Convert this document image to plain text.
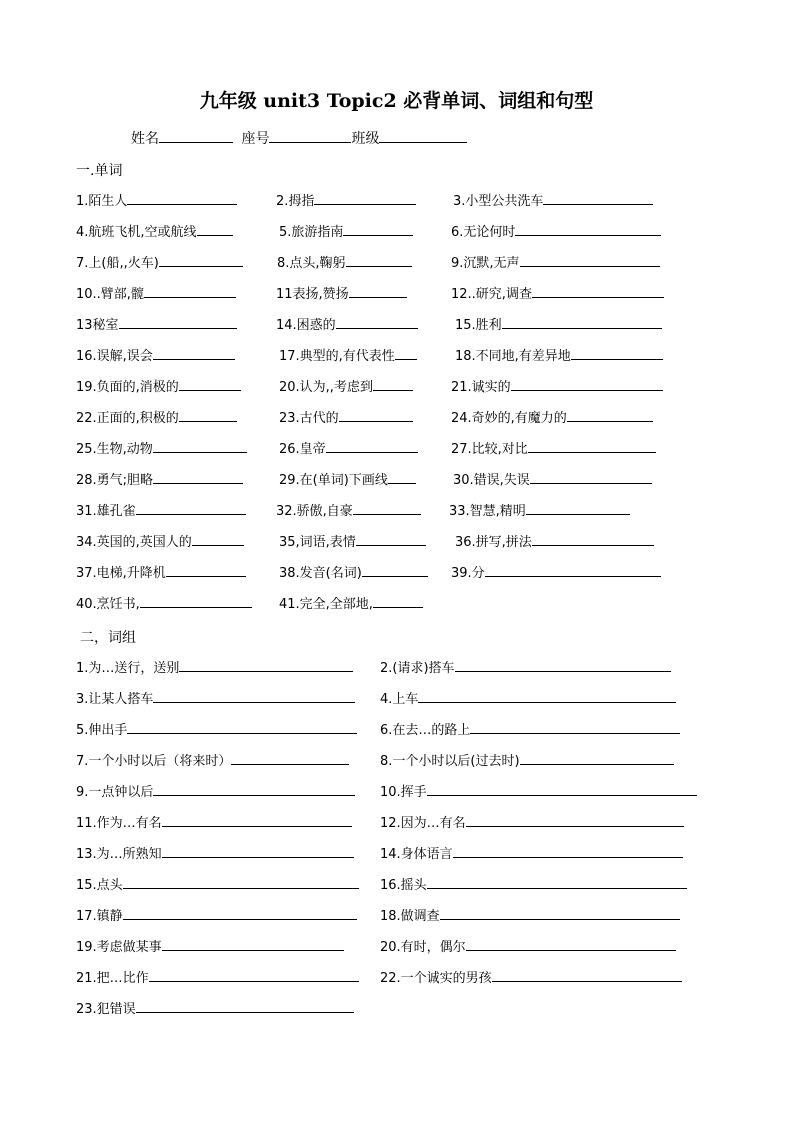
九年级 unit3 Topic2 必背单词、词组和句型
姓名	座号	班级
一.单词
1.陌生人	2.拇指	3.小型公共洗车
4.航班飞机,空或航线	5.旅游指南	6.无论何时
7.上(船,,火车)	8.点头,鞠躬	9.沉默,无声
10..臂部,髋	11表扬,赞扬	12..研究,调查
13秘室	14.困惑的	15.胜利
16.误解,误会	17.典型的,有代表性	18.不同地,有差异地
19.负面的,消极的	20.认为,,考虑到	21.诚实的
22.正面的,积极的	23.古代的	24.奇妙的,有魔力的
25.生物,动物	26.皇帝	27.比较,对比
28.勇气;胆略	29.在(单词)下画线	30.错误,失误
31.雄孔雀	32.骄傲,自豪	33.智慧,精明
34.英国的,英国人的	35,词语,表情	36.拼写,拼法
37.电梯,升降机	38.发音(名词)	39.分
40.烹饪书,	41.完全,全部地,
二，词组
1.为…送行，送别	2.(请求)搭车
3.让某人搭车	4.上车
5.伸出手	6.在去…的路上
7.一个小时以后（将来时）	8.一个小时以后(过去时)
9.一点钟以后	10.挥手
11.作为…有名	12.因为…有名
13.为…所熟知	14.身体语言
15.点头	16.摇头
17.镇静	18.做调查
19.考虑做某事	20.有时，偶尔
21.把…比作	22.一个诚实的男孩
23.犯错误
